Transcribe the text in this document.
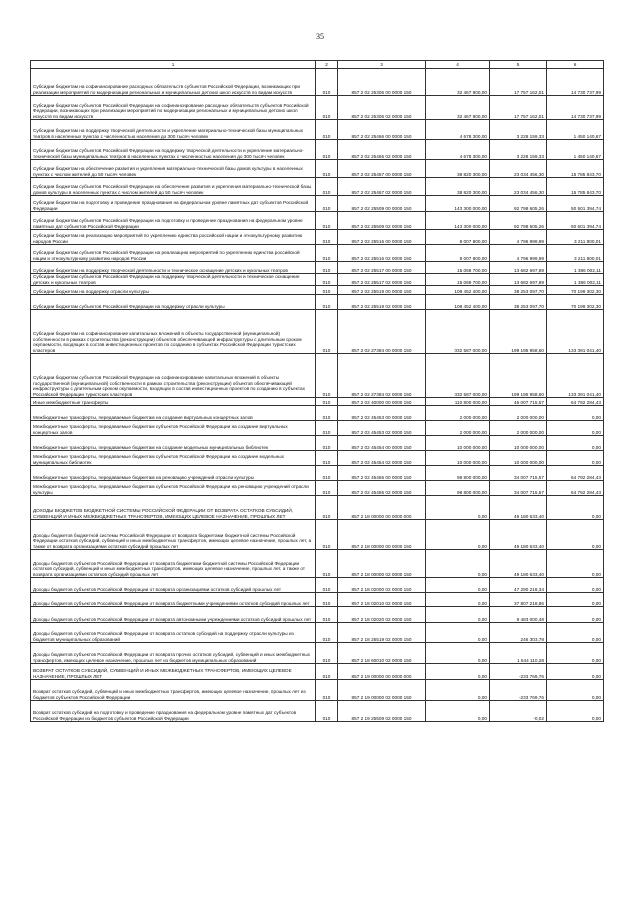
35
1	2	3	4	5	6
Субсидии бюджетам на софинансирование расходных обязательств субъектов Российской Федерации, возникающих при реализации мероприятий по модернизации региональных и муниципальных детских школ искусств по видам искусств	010	857 2 02 25306 00 0000 150	32 467 900,00	17 757 162,01	14 730 737,99
Субсидии бюджетам субъектов Российской Федерации на софинансирование расходных обязательств субъектов Российской Федерации, возникающих при реализации мероприятий по модернизации региональных и муниципальных детских школ искусств по видам искусств	010	857 2 02 25306 02 0000 150	32 467 900,00	17 757 162,01	14 730 737,99
Субсидии бюджетам на поддержку творческой деятельности и укрепление материально-технической базы муниципальных театров в населенных пунктах с численностью населения до 300 тысяч человек	010	857 2 02 25466 00 0000 150	4 678 300,00	3 228 159,33	1 450 140,67
Субсидии бюджетам субъектов Российской Федерации на поддержку творческой деятельности и укрепление материально-технической базы муниципальных театров в населенных пунктах с численностью населения до 300 тысяч человек	010	857 2 02 25466 02 0000 150	4 678 300,00	3 228 159,33	1 450 140,67
Субсидии бюджетам на обеспечение развития и укрепления материально-технической базы домов культуры в населенных пунктах с числом жителей до 50 тысяч человек	010	857 2 02 25467 00 0000 150	38 820 300,00	23 034 456,30	15 785 843,70
Субсидии бюджетам субъектов Российской Федерации на обеспечение развития и укрепления материально-технической базы домов культуры в населенных пунктах с числом жителей до 50 тысяч человек	010	857 2 02 25467 02 0000 150	38 820 300,00	23 034 456,30	15 785 843,70
Субсидии бюджетам на подготовку и проведение празднования на федеральном уровне памятных дат субъектов Российской Федерации	010	857 2 02 25509 00 0000 150	143 300 000,00	92 798 605,26	50 501 394,74
Субсидии бюджетам субъектов Российской Федерации на подготовку и проведение празднования на федеральном уровне памятных дат субъектов Российской Федерации	010	857 2 02 25509 02 0000 150	143 300 000,00	92 798 605,26	50 501 394,74
Субсидии бюджетам на реализацию мероприятий по укреплению единства российской нации и этнокультурному развитию народов России	010	857 2 02 25516 00 0000 150	8 007 800,00	4 796 999,99	3 211 800,01
Субсидии бюджетам субъектов Российской Федерации на реализацию мероприятий по укреплению единства российской нации и этнокультурному развитию народов России	010	857 2 02 25516 02 0000 150	8 007 800,00	4 796 999,99	3 211 800,01
Субсидии бюджетам на поддержку творческой деятельности и техническое оснащение детских и кукольных театров	010	857 2 02 25517 00 0000 150	15 068 700,00	13 682 697,89	1 386 002,11
Субсидии бюджетам субъектов Российской Федерации на поддержку творческой деятельности и техническое оснащение детских и кукольных театров	010	857 2 02 25517 02 0000 150	15 068 700,00	13 682 697,89	1 386 002,11
Субсидии бюджетам на поддержку отрасли культуры	010	857 2 02 25519 00 0000 150	108 452 400,00	38 253 097,70	70 199 302,30
Субсидии бюджетам субъектов Российской Федерации на поддержку отрасли культуры	010	857 2 02 25519 02 0000 150	108 452 400,00	38 253 097,70	70 199 302,30
Субсидии бюджетам на софинансирование капитальных вложений в объекты государственной (муниципальной) собственности в рамках строительства (реконструкции) объектов обеспечивающей инфраструктуры с длительным сроком окупаемости, входящих в состав инвестиционных проектов по созданию в субъектах Российской Федерации туристских кластеров	010	857 2 02 27384 00 0000 150	332 587 000,00	199 195 958,60	133 391 041,40
Субсидии бюджетам субъектов Российской Федерации на софинансирование капитальных вложений в объекты государственной (муниципальной) собственности в рамках строительства (реконструкции) объектов обеспечивающей инфраструктуры с длительным сроком окупаемости, входящих в состав инвестиционных проектов по созданию в субъектах Российской Федерации туристских кластеров	010	857 2 02 27384 02 0000 150	332 587 000,00	199 195 958,60	133 391 041,40
Иные межбюджетные трансферты	010	857 2 02 40000 00 0000 150	110 800 000,00	46 007 715,57	64 792 284,43
Межбюджетные трансферты, передаваемые бюджетам на создание виртуальных концертных залов	010	857 2 02 45453 00 0000 150	2 000 000,00	2 000 000,00	0,00
Межбюджетные трансферты, передаваемые бюджетам субъектов Российской Федерации на создание виртуальных концертных залов	010	857 2 02 45453 02 0000 150	2 000 000,00	2 000 000,00	0,00
Межбюджетные трансферты, передаваемые бюджетам на создание модельных муниципальных библиотек	010	857 2 02 45454 00 0000 150	10 000 000,00	10 000 000,00	0,00
Межбюджетные трансферты, передаваемые бюджетам субъектов Российской Федерации на создание модельных муниципальных библиотек	010	857 2 02 45454 02 0000 150	10 000 000,00	10 000 000,00	0,00
Межбюджетные трансферты, передаваемые бюджетам на реновацию учреждений отрасли культуры	010	857 2 02 45455 00 0000 150	98 800 000,00	34 007 715,57	64 792 284,43
Межбюджетные трансферты, передаваемые бюджетам субъектов Российской Федерации на реновацию учреждений отрасли культуры	010	857 2 02 45455 02 0000 150	98 800 000,00	34 007 715,57	64 792 284,43
ДОХОДЫ БЮДЖЕТОВ БЮДЖЕТНОЙ СИСТЕМЫ РОССИЙСКОЙ ФЕДЕРАЦИИ ОТ ВОЗВРАТА ОСТАТКОВ СУБСИДИЙ, СУБВЕНЦИЙ И ИНЫХ МЕЖБЮДЖЕТНЫХ ТРАНСФЕРТОВ, ИМЕЮЩИХ ЦЕЛЕВОЕ НАЗНАЧЕНИЕ, ПРОШЛЫХ ЛЕТ	010	857 2 18 00000 00 0000 000	0,00	49 180 633,40	0,00
Доходы бюджетов бюджетной системы Российской Федерации от возврата бюджетами бюджетной системы Российской Федерации остатков субсидий, субвенций и иных межбюджетных трансфертов, имеющих целевое назначение, прошлых лет, а также от возврата организациями остатков субсидий прошлых лет	010	857 2 18 00000 00 0000 150	0,00	49 180 633,40	0,00
Доходы бюджетов субъектов Российской Федерации от возврата бюджетами бюджетной системы Российской Федерации остатков субсидий, субвенций и иных межбюджетных трансфертов, имеющих целевое назначение, прошлых лет, а также от возврата организациями остатков субсидий прошлых лет	010	857 2 18 00000 02 0000 150	0,00	49 180 633,40	0,00
Доходы бюджетов субъектов Российской Федерации от возврата организациями остатков субсидий прошлых лет	010	857 2 18 02000 02 0000 150	0,00	47 290 218,34	0,00
Доходы бюджетов субъектов Российской Федерации от возврата бюджетными учреждениями остатков субсидий прошлых лет	010	857 2 18 02010 02 0000 150	0,00	37 807 218,86	0,00
Доходы бюджетов субъектов Российской Федерации от возврата автономными учреждениями остатков субсидий прошлых лет	010	857 2 18 02020 02 0000 150	0,00	9 483 000,48	0,00
Доходы бюджетов субъектов Российской Федерации от возврата остатков субсидий на поддержку отрасли культуры из бюджетов муниципальных образований	010	857 2 18 25519 02 0000 150	0,00	246 303,78	0,00
Доходы бюджетов субъектов Российской Федерации от возврата прочих остатков субсидий, субвенций и иных межбюджетных трансфертов, имеющих целевое назначение, прошлых лет из бюджетов муниципальных образований	010	857 2 18 60010 02 0000 150	0,00	1 644 110,28	0,00
ВОЗВРАТ ОСТАТКОВ СУБСИДИЙ, СУБВЕНЦИЙ И ИНЫХ МЕЖБЮДЖЕТНЫХ ТРАНСФЕРТОВ, ИМЕЮЩИХ ЦЕЛЕВОЕ НАЗНАЧЕНИЕ, ПРОШЛЫХ ЛЕТ	010	857 2 19 00000 00 0000 000	0,00	-233 769,76	0,00
Возврат остатков субсидий, субвенций и иных межбюджетных трансфертов, имеющих целевое назначение, прошлых лет из бюджетов субъектов Российской Федерации	010	857 2 19 00000 02 0000 150	0,00	-233 769,76	0,00
Возврат остатков субсидий на подготовку и проведение празднования на федеральном уровне памятных дат субъектов Российской Федерации из бюджетов субъектов Российской Федерации	010	857 2 19 25509 02 0000 150	0,00	-0,02	0,00
